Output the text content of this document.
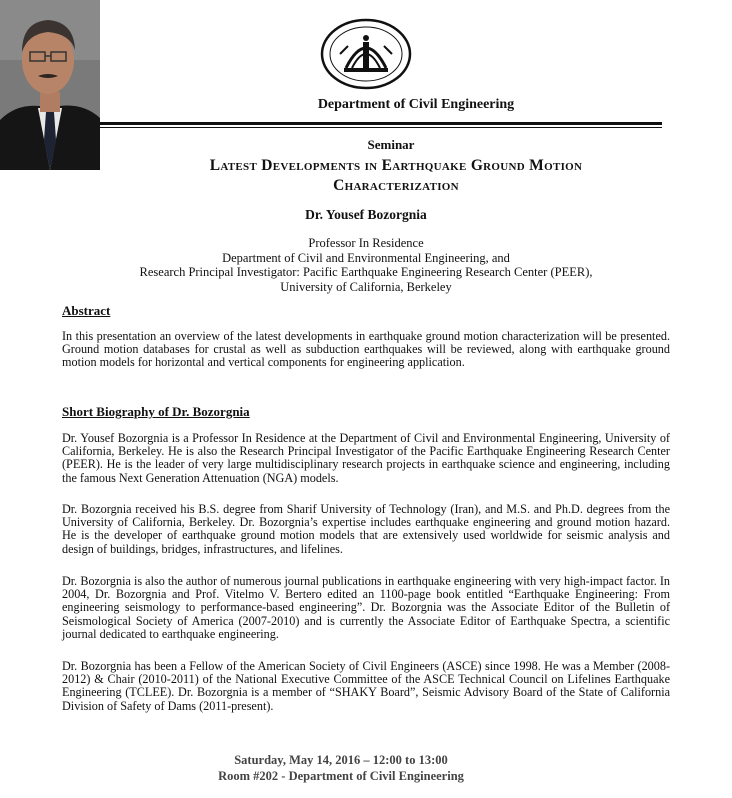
Department of Civil Engineering
Seminar
Latest Developments in Earthquake Ground Motion
Characterization
Dr. Yousef Bozorgnia
Professor In Residence
Department of Civil and Environmental Engineering, and
Research Principal Investigator: Pacific Earthquake Engineering Research Center (PEER),
University of California, Berkeley
Abstract
In this presentation an overview of the latest developments in earthquake ground motion characterization will be presented. Ground motion databases for crustal as well as subduction earthquakes will be reviewed, along with earthquake ground motion models for horizontal and vertical components for engineering application.
Short Biography of Dr. Bozorgnia
Dr. Yousef Bozorgnia is a Professor In Residence at the Department of Civil and Environmental Engineering, University of California, Berkeley. He is also the Research Principal Investigator of the Pacific Earthquake Engineering Research Center (PEER). He is the leader of very large multidisciplinary research projects in earthquake science and engineering, including the famous Next Generation Attenuation (NGA) models.
Dr. Bozorgnia received his B.S. degree from Sharif University of Technology (Iran), and M.S. and Ph.D. degrees from the University of California, Berkeley. Dr. Bozorgnia’s expertise includes earthquake engineering and ground motion hazard. He is the developer of earthquake ground motion models that are extensively used worldwide for seismic analysis and design of buildings, bridges, infrastructures, and lifelines.
Dr. Bozorgnia is also the author of numerous journal publications in earthquake engineering with very high-impact factor. In 2004, Dr. Bozorgnia and Prof. Vitelmo V. Bertero edited an 1100-page book entitled “Earthquake Engineering: From engineering seismology to performance-based engineering”. Dr. Bozorgnia was the Associate Editor of the Bulletin of Seismological Society of America (2007-2010) and is currently the Associate Editor of Earthquake Spectra, a scientific journal dedicated to earthquake engineering.
Dr. Bozorgnia has been a Fellow of the American Society of Civil Engineers (ASCE) since 1998. He was a Member (2008-2012) & Chair (2010-2011) of the National Executive Committee of the ASCE Technical Council on Lifelines Earthquake Engineering (TCLEE). Dr. Bozorgnia is a member of “SHAKY Board”, Seismic Advisory Board of the State of California Division of Safety of Dams (2011-present).
Saturday, May 14, 2016 – 12:00 to 13:00
Room #202 - Department of Civil Engineering
